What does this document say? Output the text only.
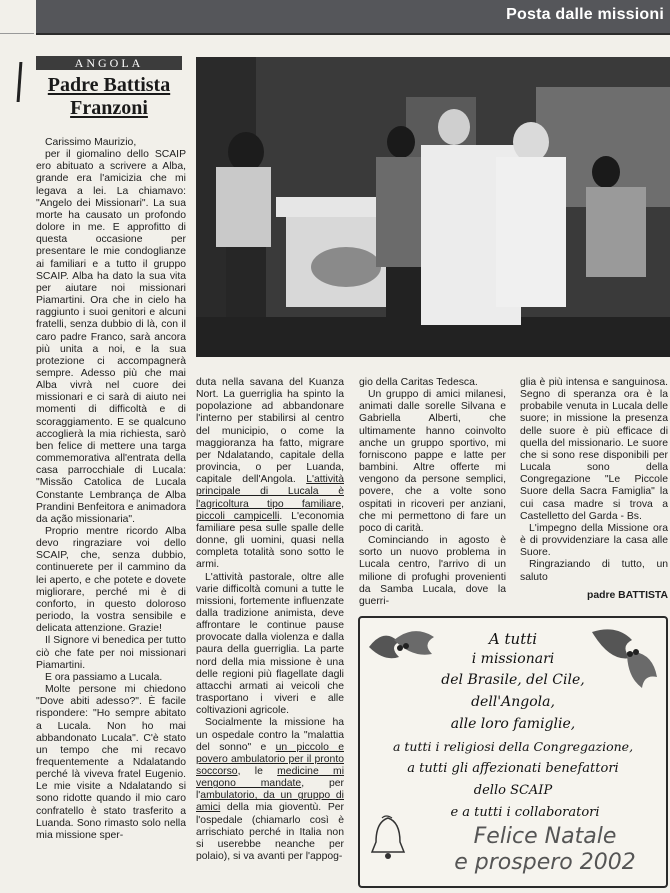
Posta dalle missioni
ANGOLA
Padre Battista
Franzoni

Carissimo Maurizio,

per il giomalino dello SCAIP ero abituato a scrivere a Alba, grande era l'amicizia che mi legava a lei. La chiamavo: "Angelo dei Missionari". La sua morte ha causato un profondo dolore in me. E approfitto di questa occasione per presentare le mie condoglianze ai familiari e a tutto il gruppo SCAIP. Alba ha dato la sua vita per aiutare noi missionari Piamartini. Ora che in cielo ha raggiunto i suoi genitori e alcuni fratelli, senza dubbio di là, con il caro padre Franco, sarà ancora più unita a noi, e la sua protezione ci accompagnerà sempre. Adesso più che mai Alba vivrà nel cuore dei missionari e ci sarà di aiuto nei momenti di difficoltà e di scoraggiamento. E se qualcuno accoglierà la mia richiesta, sarò ben felice di mettere una targa commemorativa all'entrata della casa parrocchiale di Lucala: "Missão Catolica de Lucala Constante Lembrança de Alba Prandini Benfeitora e animadora da ação missionaria".

Proprio mentre ricordo Alba devo ringraziare voi dello SCAIP, che, senza dubbio, continuerete per il cammino da lei aperto, e che potete e dovete migliorare, perché mi è di conforto, in questo doloroso periodo, la vostra sensibile e delicata attenzione. Grazie!

Il Signore vi benedica per tutto ciò che fate per noi missionari Piamartini.

E ora passiamo a Lucala.

Molte persone mi chiedono "Dove abiti adesso?". È facile rispondere: "Ho sempre abitato a Lucala. Non ho mai abbandonato Lucala". C'è stato un tempo che mi recavo frequentemente a Ndalatando perché là viveva fratel Eugenio. Le mie visite a Ndalatando si sono ridotte quando il mio caro confratello è stato trasferito a Luanda. Sono rimasto solo nella mia missione sper-

duta nella savana del Kuanza Nort. La guerriglia ha spinto la popolazione ad abbandonare l'interno per stabilirsi al centro del municipio, o come la maggioranza ha fatto, migrare per Ndalatando, capitale della provincia, o per Luanda, capitale dell'Angola. L'attività principale di Lucala è l'agricoltura tipo familiare, piccoli campicelli. L'economia familiare pesa sulle spalle delle donne, gli uomini, quasi nella completa totalità sono sotto le armi.

L'attività pastorale, oltre alle varie difficoltà comuni a tutte le missioni, fortemente influenzate dalla tradizione animista, deve affrontare le continue pause provocate dalla violenza e dalla paura della guerriglia. La parte nord della mia missione è una delle regioni più flagellate dagli attacchi armati ai veicoli che trasportano i viveri e alle coltivazioni agricole.

Socialmente la missione ha un ospedale contro la "malattia del sonno" e un piccolo e povero ambulatorio per il pronto soccorso, le medicine mi vengono mandate, per l'ambulatorio, da un gruppo di amici della mia gioventù. Per l'ospedale (chiamarlo così è arrischiato perché in Italia non si userebbe neanche per polaio), si va avanti per l'appog-

gio della Caritas Tedesca.

Un gruppo di amici milanesi, animati dalle sorelle Silvana e Gabriella Alberti, che ultimamente hanno coinvolto anche un gruppo sportivo, mi forniscono pappe e latte per bambini. Altre offerte mi vengono da persone semplici, povere, che a volte sono ospitati in ricoveri per anziani, che mi permettono di fare un poco di carità.

Cominciando in agosto è sorto un nuovo problema in Lucala centro, l'arrivo di un milione di profughi provenienti da Samba Lucala, dove la guerri-

glia è più intensa e sanguinosa. Segno di speranza ora è la probabile venuta in Lucala delle suore; in missione la presenza delle suore è più efficace di quella del missionario. Le suore che si sono rese disponibili per Lucala sono della Congregazione "Le Piccole Suore della Sacra Famiglia" la cui casa madre si trova a Castelletto del Garda - Bs.

L'impegno della Missione ora è di provvidenziare la casa alle Suore.

Ringraziando di tutto, un saluto

padre BATTISTA

A tutti
i missionari
del Brasile, del Cile,
dell'Angola,
alle loro famiglie,
a tutti i religiosi della Congregazione,
a tutti gli affezionati benefattori
dello SCAIP
e a tutti i collaboratori
Felice Natale
e prospero 2002
